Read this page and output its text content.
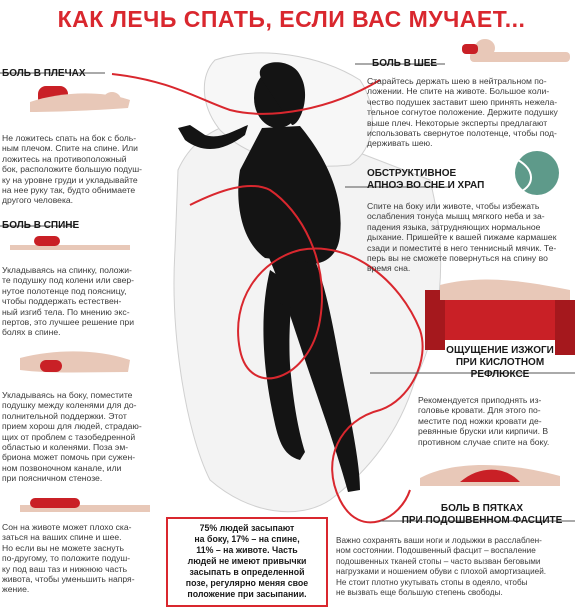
КАК ЛЕЧЬ СПАТЬ, ЕСЛИ ВАС МУЧАЕТ...
БОЛЬ В ПЛЕЧАХ
Не ложитесь спать на бок с боль-
ным плечом. Спите на спине. Или
ложитесь на противоположный
бок, расположите большую подуш-
ку на уровне груди и укладывайте
на нее руку так, будто обнимаете
другого человека.
БОЛЬ В СПИНЕ
Укладываясь на спинку, положи-
те подушку под колени или свер-
нутое полотенце под поясницу,
чтобы поддержать естествен-
ный изгиб тела. По мнению экс-
пертов, это лучшее решение при
болях в спине.
Укладываясь на боку, поместите
подушку между коленями для до-
полнительной поддержки. Этот
прием хорош для людей, страдаю-
щих от проблем с тазобедренной
областью и коленями. Поза эм-
бриона может помочь при сужен-
ном позвоночном канале, или
при поясничном стенозе.
Сон на животе может плохо ска-
заться на ваших спине и шее.
Но если вы не можете заснуть
по-другому, то положите подуш-
ку под ваш таз и нижнюю часть
живота, чтобы уменьшить напря-
жение.
БОЛЬ В ШЕЕ
Старайтесь держать шею в нейтральном по-
ложении. Не спите на животе. Большое коли-
чество подушек заставит шею принять нежела-
тельное согнутое положение. Держите подушку
выше плеч. Некоторые эксперты предлагают
использовать свернутое полотенце, чтобы под-
держивать шею.
ОБСТРУКТИВНОЕ
АПНОЭ ВО СНЕ И ХРАП
Спите на боку или животе, чтобы избежать
ослабления тонуса мышц мягкого неба и зa-
падения языка, затрудняющих нормальное
дыхание. Пришейте к вашей пижаме кармашек
сзади и поместите в него теннисный мячик. Те-
перь вы не сможете повернуться на спину во
время сна.
ОЩУЩЕНИЕ ИЗЖОГИ
ПРИ КИСЛОТНОМ
РЕФЛЮКСЕ
Рекомендуется приподнять из-
головье кровати. Для этого по-
местите под ножки кровати де-
ревянные бруски или кирпичи. В
противном случае спите на боку.
БОЛЬ В ПЯТКАХ
ПРИ ПОДОШВЕННОМ ФАСЦИТЕ
Важно сохранять ваши ноги и лодыжки в расслаблен-
ном состоянии. Подошвенный фасцит – воспаление
подошвенных тканей стопы – часто вызван беговыми
нагрузками и ношением обуви с плохой амортизацией.
Не стоит плотно укутывать стопы в одеяло, чтобы
не вызвать еще большую степень свободы.
75% людей засыпают
на боку, 17% – на спине,
11% – на животе. Часть
людей не имеют привычки
засыпать в определенной
позе, регулярно меняя свое
положение при засыпании.
